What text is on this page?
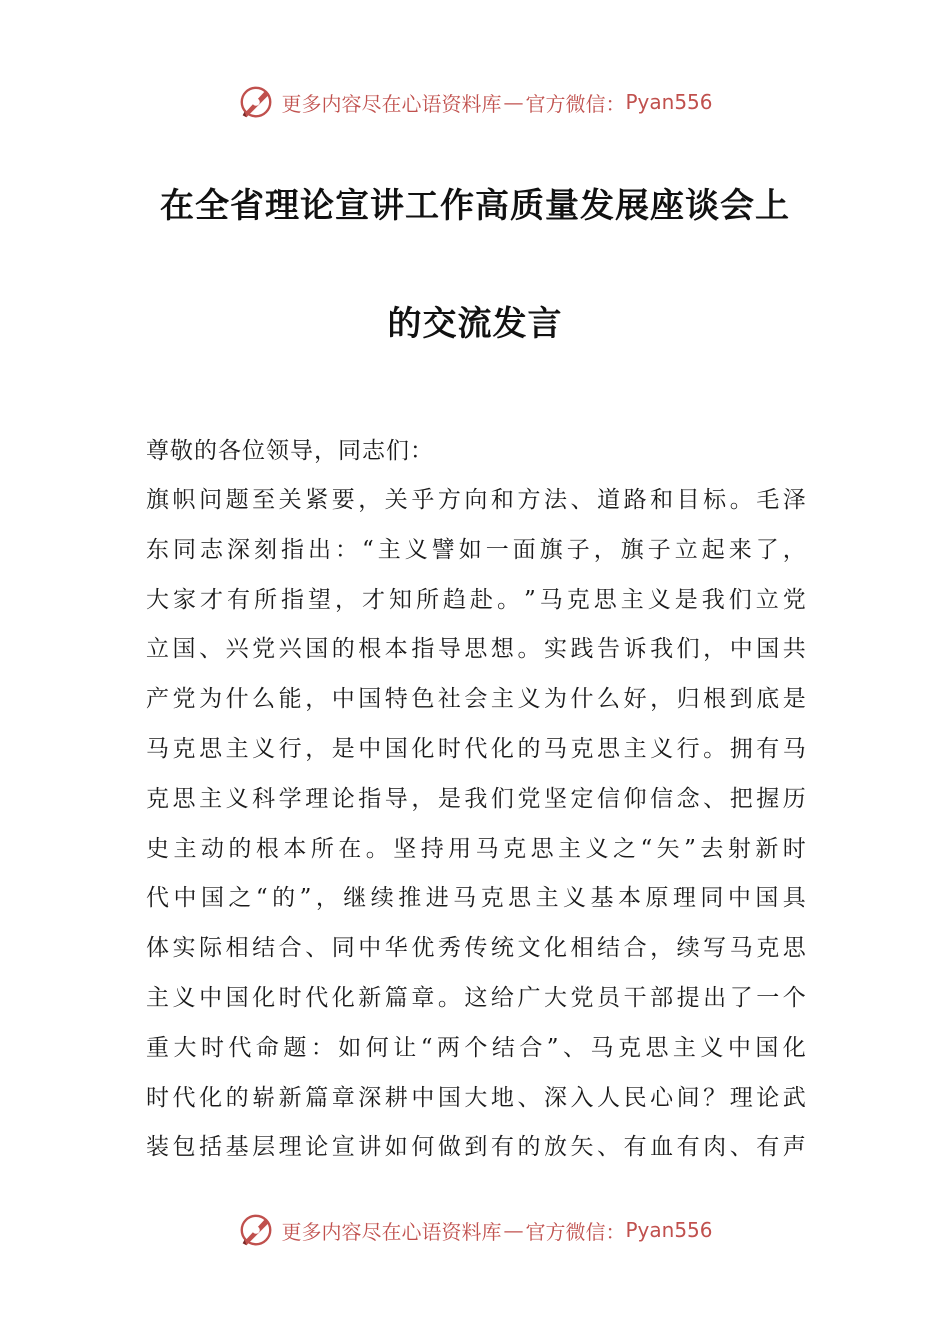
更多内容尽在心语资料库 — 官方微信： Pyan556
在全省理论宣讲工作高质量发展座谈会上
的交流发言
尊敬的各位领导，同志们：
旗 帜 问 题 至 关 紧 要 ， 关 乎 方 向 和 方 法 、 道 路 和 目 标 。 毛 泽
东 同 志 深 刻 指 出 ： “ 主 义 譬 如 一 面 旗 子 ， 旗 子 立 起 来 了 ，
大 家 才 有 所 指 望 ， 才 知 所 趋 赴 。 ” 马 克 思 主 义 是 我 们 立 党
立 国 、 兴 党 兴 国 的 根 本 指 导 思 想 。 实 践 告 诉 我 们 ， 中 国 共
产 党 为 什 么 能 ， 中 国 特 色 社 会 主 义 为 什 么 好 ， 归 根 到 底 是
马 克 思 主 义 行 ， 是 中 国 化 时 代 化 的 马 克 思 主 义 行 。 拥 有 马
克 思 主 义 科 学 理 论 指 导 ， 是 我 们 党 坚 定 信 仰 信 念 、 把 握 历
史 主 动 的 根 本 所 在 。 坚 持 用 马 克 思 主 义 之 “ 矢 ” 去 射 新 时
代 中 国 之 “ 的 ” ， 继 续 推 进 马 克 思 主 义 基 本 原 理 同 中 国 具
体 实 际 相 结 合 、 同 中 华 优 秀 传 统 文 化 相 结 合 ， 续 写 马 克 思
主 义 中 国 化 时 代 化 新 篇 章 。 这 给 广 大 党 员 干 部 提 出 了 一 个
重 大 时 代 命 题 ： 如 何 让 “ 两 个 结 合 ” 、 马 克 思 主 义 中 国 化
时 代 化 的 崭 新 篇 章 深 耕 中 国 大 地 、 深 入 人 民 心 间 ？ 理 论 武
装 包 括 基 层 理 论 宣 讲 如 何 做 到 有 的 放 矢 、 有 血 有 肉 、 有 声
更多内容尽在心语资料库 — 官方微信： Pyan556
